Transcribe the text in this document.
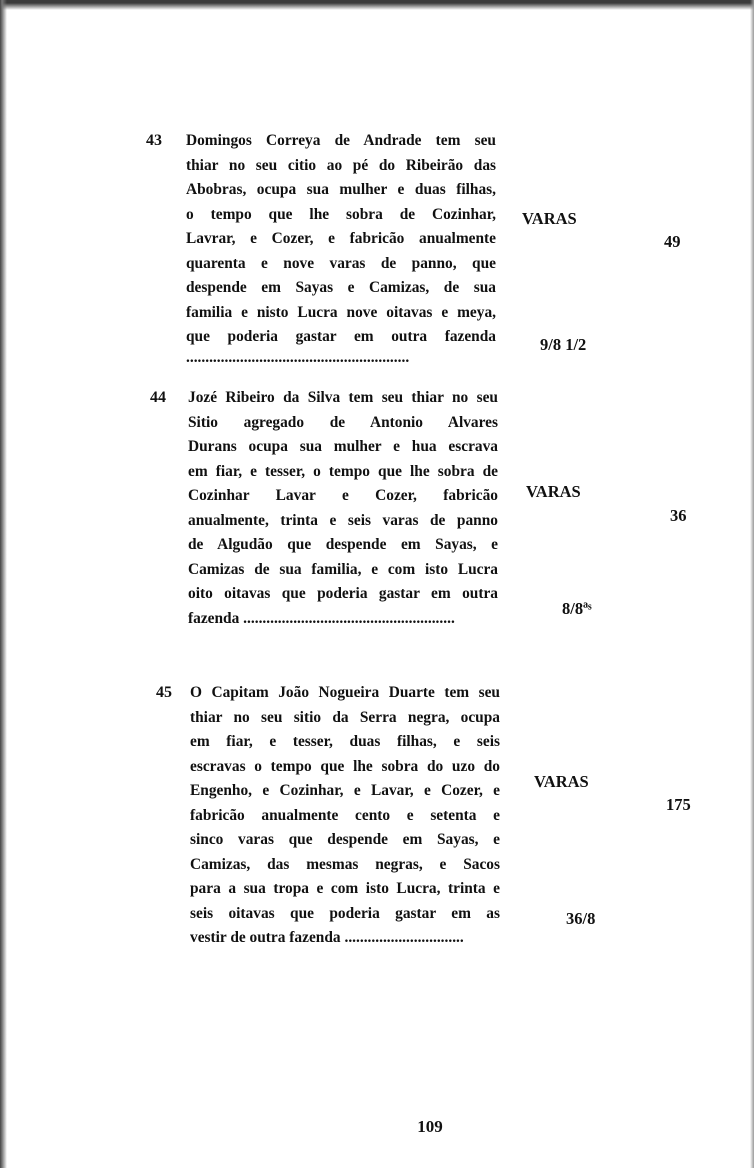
43 Domingos Correya de Andrade tem seu
thiar no seu citio ao pé do Ribeirão das
Abobras, ocupa sua mulher e duas filhas,
o tempo que lhe sobra de Cozinhar,
Lavrar, e Cozer, e fabricão anualmente
quarenta e nove varas de panno, que
despende em Sayas e Camizas, de sua
familia e nisto Lucra nove oitavas e meya,
que poderia gastar em outra fazenda
..........................................................
VARAS
49
9/8 1/2
44 Jozé Ribeiro da Silva tem seu thiar no seu
Sitio agregado de Antonio Alvares
Durans ocupa sua mulher e hua escrava
em fiar, e tesser, o tempo que lhe sobra de
Cozinhar Lavar e Cozer, fabricão
anualmente, trinta e seis varas de panno
de Algudão que despende em Sayas, e
Camizas de sua familia, e com isto Lucra
oito oitavas que poderia gastar em outra
fazenda .......................................................
VARAS
36
8/8ªˢ
45 O Capitam João Nogueira Duarte tem seu
thiar no seu sitio da Serra negra, ocupa
em fiar, e tesser, duas filhas, e seis
escravas o tempo que lhe sobra do uzo do
Engenho, e Cozinhar, e Lavar, e Cozer, e
fabricão anualmente cento e setenta e
sinco varas que despende em Sayas, e
Camizas, das mesmas negras, e Sacos
para a sua tropa e com isto Lucra, trinta e
seis oitavas que poderia gastar em as
vestir de outra fazenda ...............................
VARAS
175
36/8
109
